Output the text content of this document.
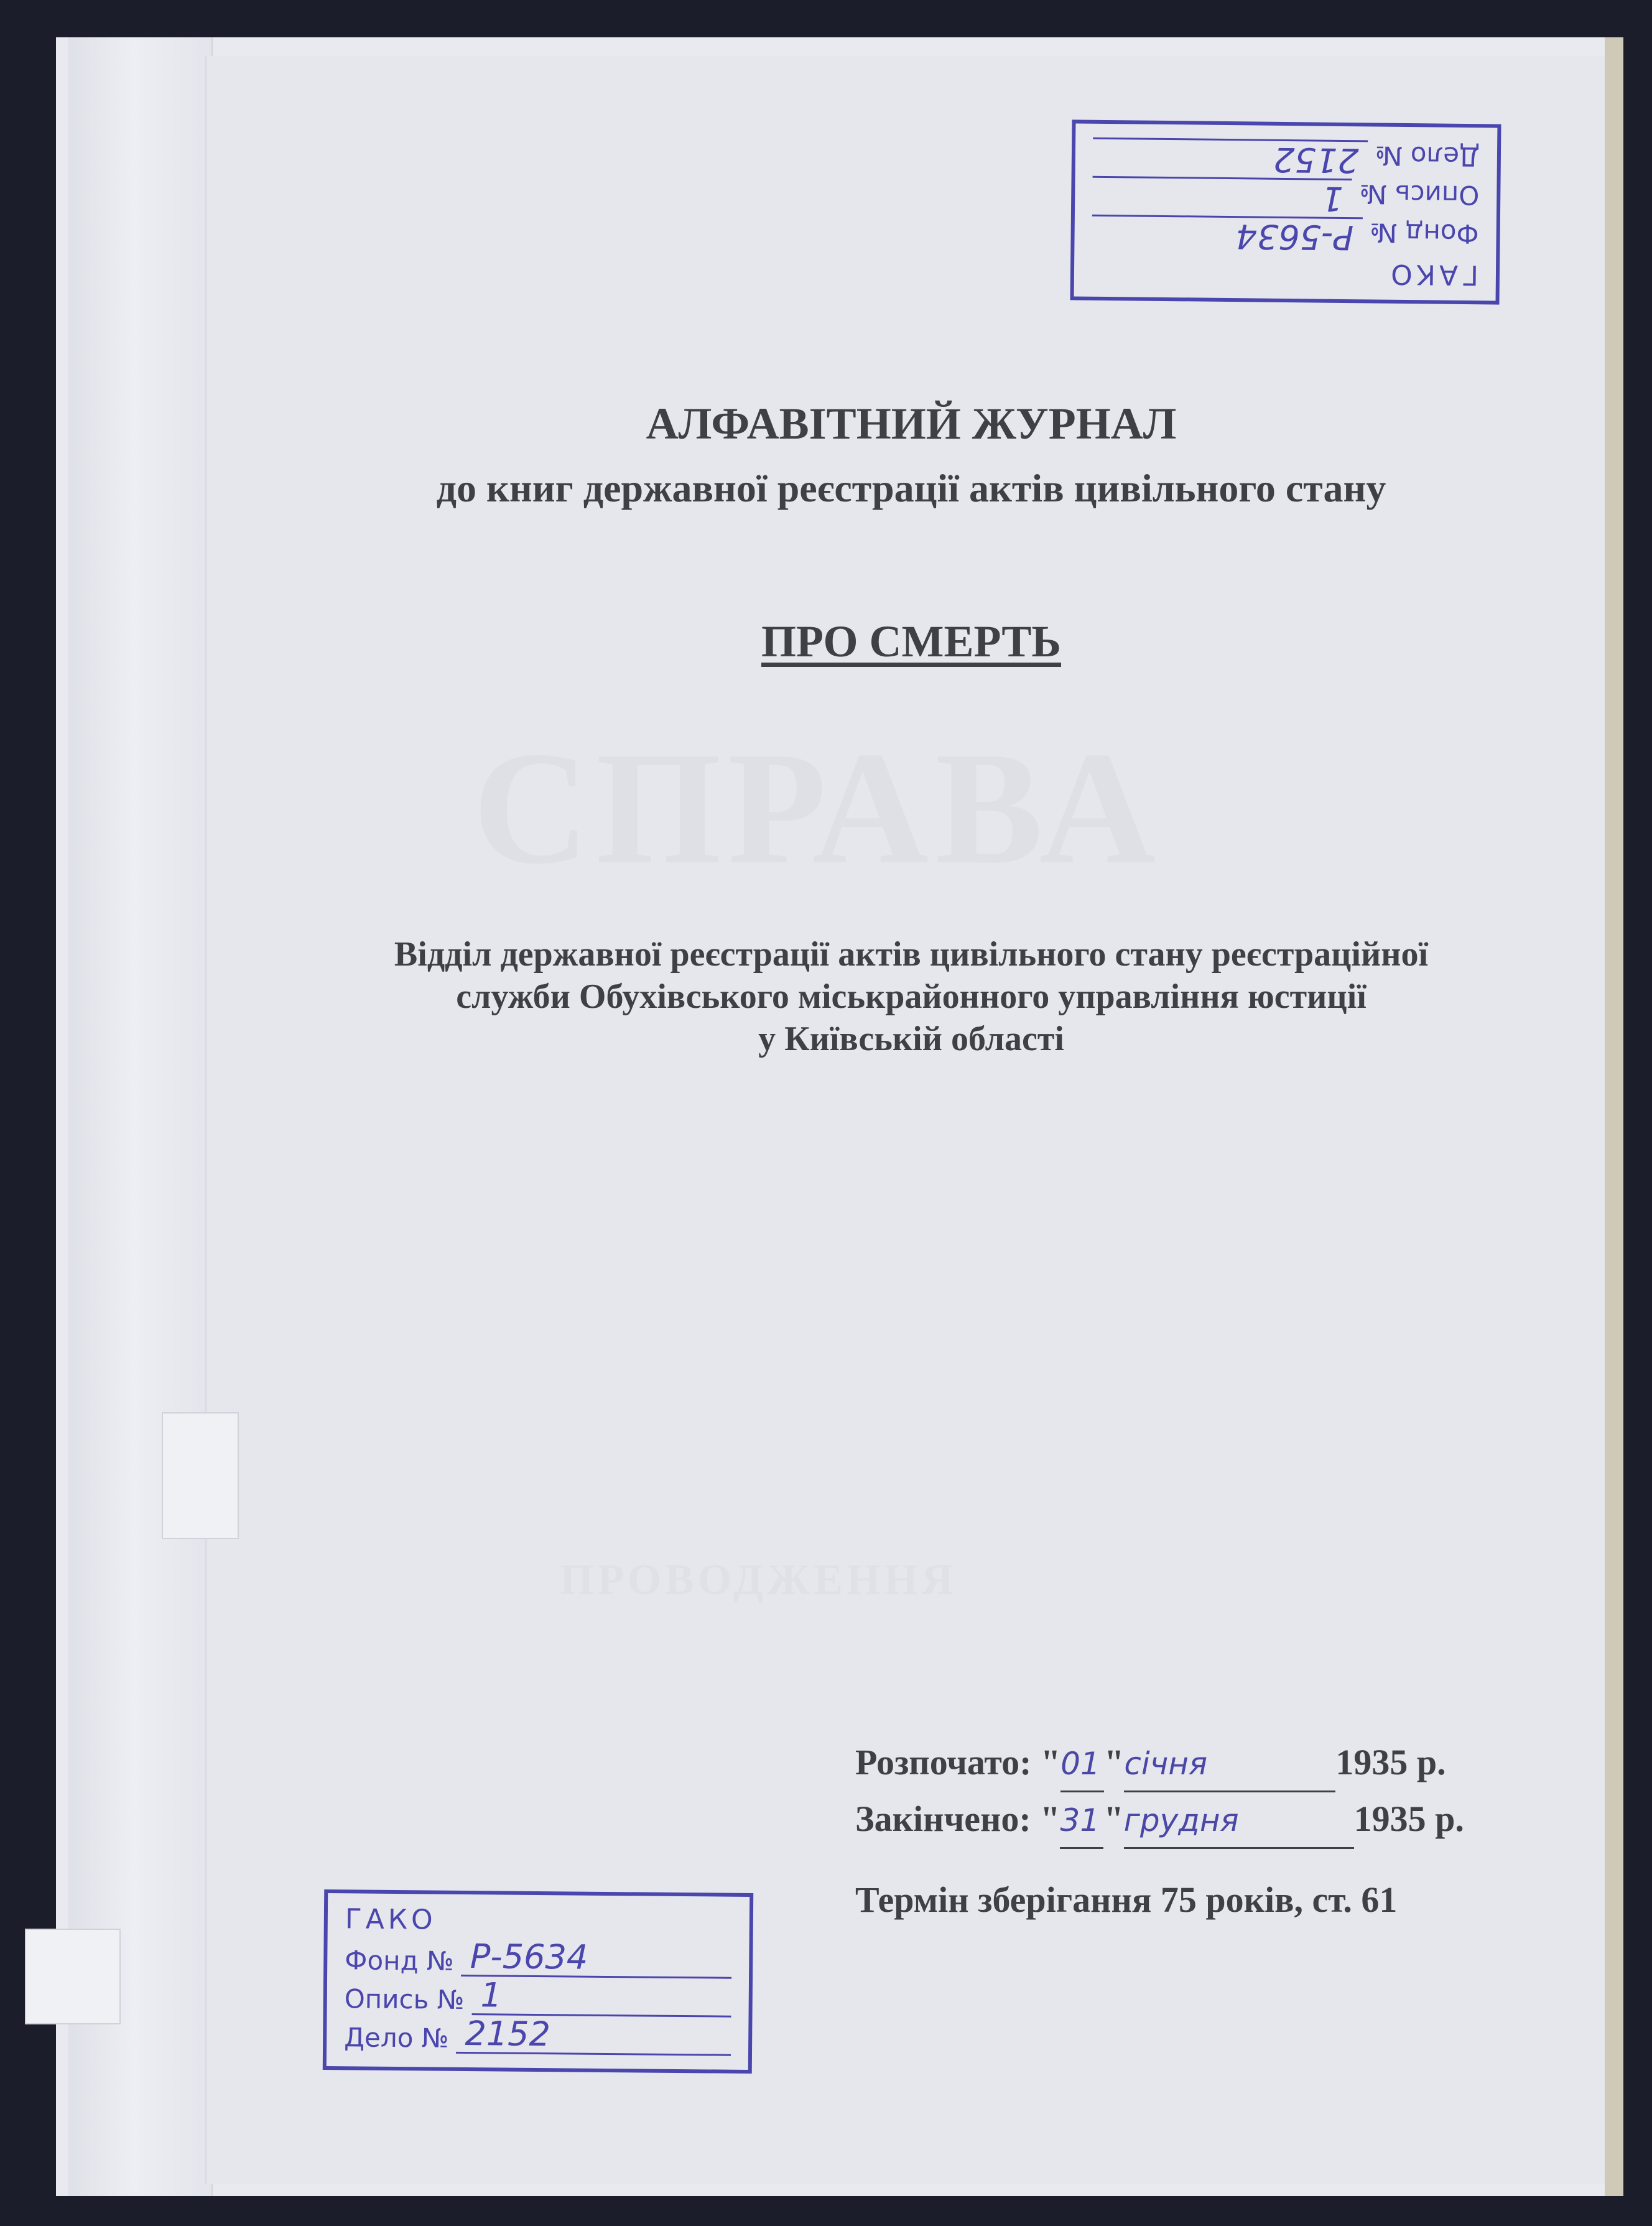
СПРАВА
ПРОВОДЖЕННЯ
АЛФАВІТНИЙ ЖУРНАЛ
до книг державної реєстрації актів цивільного стану
ПРО СМЕРТЬ
Відділ державної реєстрації актів цивільного стану реєстраційної
служби Обухівського міськрайонного управління юстиції
у Київській області
Розпочато: "01 "січня	1935 р.
Закінчено: "31 "грудня	1935 р.
Термін зберігання 75 років, ст. 61
ГАКО
Фонд № Р-5634
Опись № 1
Дело № 2152
ГАКО
Фонд №
Р-5634
Опись №
1
Дело №
2152
